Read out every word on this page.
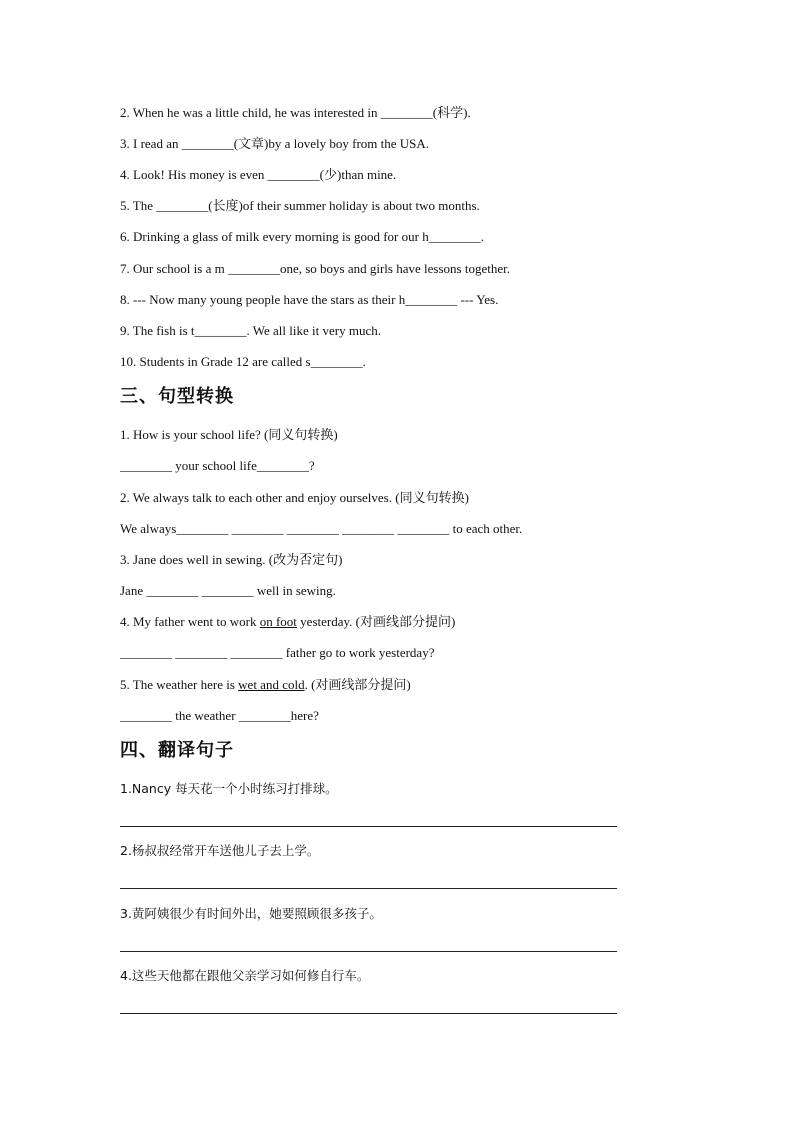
2. When he was a little child, he was interested in ________(科学).
3. I read an ________(文章)by a lovely boy from the USA.
4. Look! His money is even ________(少)than mine.
5. The ________(长度)of their summer holiday is about two months.
6. Drinking a glass of milk every morning is good for our h________.
7. Our school is a m ________one, so boys and girls have lessons together.
8. --- Now many young people have the stars as their h________ --- Yes.
9. The fish is t________. We all like it very much.
10. Students in Grade 12 are called s________.
三、句型转换
1. How is your school life? (同义句转换)
________ your school life________?
2. We always talk to each other and enjoy ourselves. (同义句转换)
We always________ ________ ________ ________ ________ to each other.
3. Jane does well in sewing. (改为否定句)
Jane ________ ________ well in sewing.
4. My father went to work on foot yesterday. (对画线部分提问)
________ ________ ________ father go to work yesterday?
5. The weather here is wet and cold. (对画线部分提问)
________ the weather ________here?
四、翻译句子
1.Nancy 每天花一个小时练习打排球。
2.杨叔叔经常开车送他儿子去上学。
3.黄阿姨很少有时间外出，她要照顾很多孩子。
4.这些天他都在跟他父亲学习如何修自行车。
